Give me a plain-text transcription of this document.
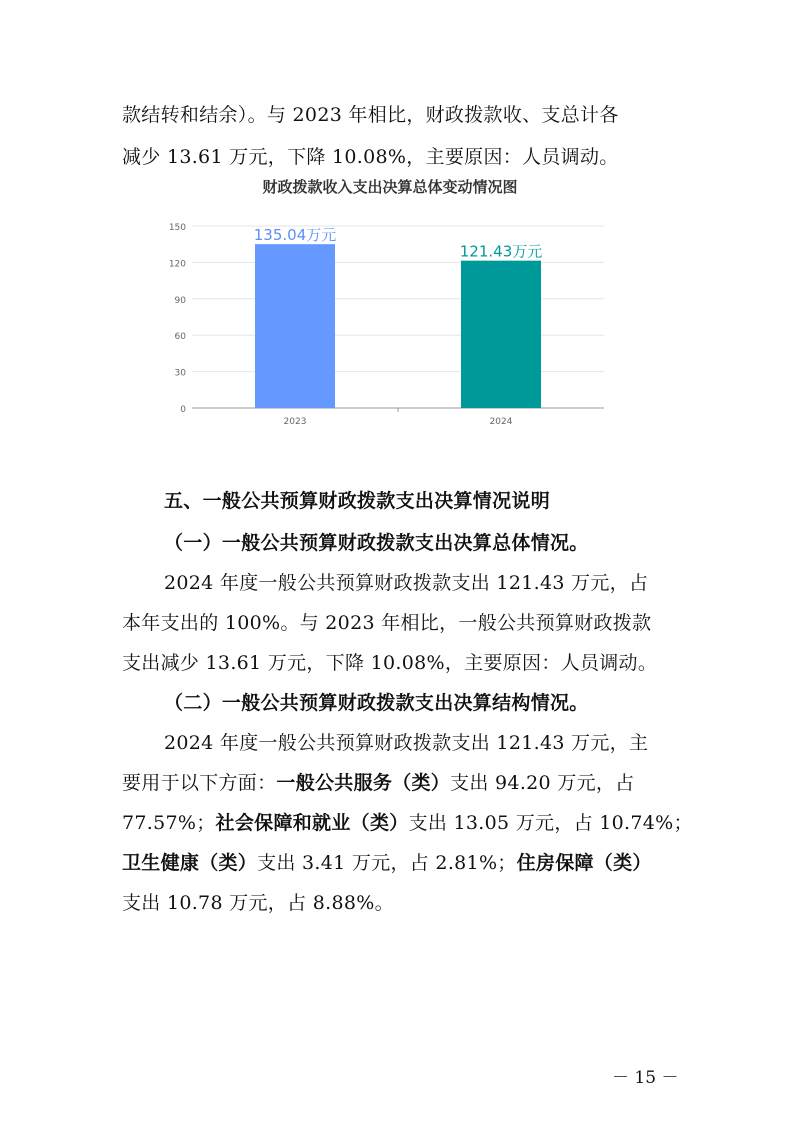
款结转和结余）。与 2023 年相比，财政拨款收、支总计各
减少 13.61 万元，下降 10.08%，主要原因：人员调动。
财政拨款收入支出决算总体变动情况图
0
30
60
90
120
150	135.04万元
2023
121.43万元
2024
五、一般公共预算财政拨款支出决算情况说明
（一）一般公共预算财政拨款支出决算总体情况。
2024 年度一般公共预算财政拨款支出 121.43 万元，占
本年支出的 100%。与 2023 年相比，一般公共预算财政拨款
支出减少 13.61 万元，下降 10.08%，主要原因：人员调动。
（二）一般公共预算财政拨款支出决算结构情况。
2024 年度一般公共预算财政拨款支出 121.43 万元，主
要用于以下方面：一般公共服务（类）支出 94.20 万元，占
77.57%；社会保障和就业（类）支出 13.05 万元，占 10.74%；
卫生健康（类）支出 3.41 万元，占 2.81%；住房保障（类）
支出 10.78 万元，占 8.88%。
－ 15 －
